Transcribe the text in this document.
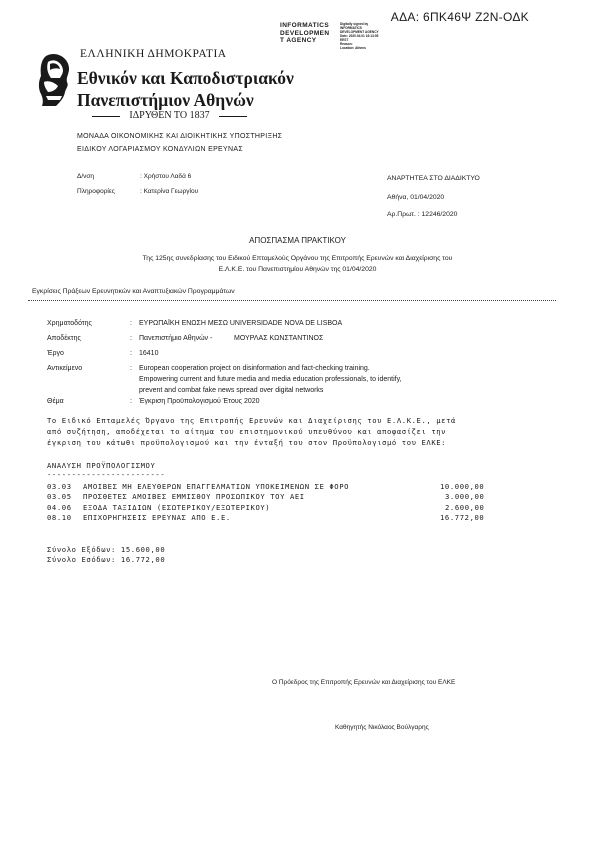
ΑΔΑ: 6ΠΚ46Ψ Ζ2Ν-ΟΔΚ
INFORMATICS
DEVELOPMEN
T AGENCY
Digitally signed by
INFORMATICS
DEVELOPMENT AGENCY
Date: 2020.04.01 16:13:05
EEST
Reason:
Location: Athens
ΕΛΛΗΝΙΚΗ ΔΗΜΟΚΡΑΤΙΑ
Εθνικόν και Καποδιστριακόν
Πανεπιστήμιον Αθηνών
ΙΔΡΥΘΕΝ ΤΟ 1837
ΜΟΝΑΔΑ ΟΙΚΟΝΟΜΙΚΗΣ ΚΑΙ ΔΙΟΙΚΗΤΙΚΗΣ ΥΠΟΣΤΗΡΙΞΗΣ
ΕΙΔΙΚΟΥ ΛΟΓΑΡΙΑΣΜΟΥ ΚΟΝΔΥΛΙΩΝ ΕΡΕΥΝΑΣ
Δ/νση	: Χρήστου Λαδά 6
Πληροφορίες	: Κατερίνα Γεωργίου
ΑΝΑΡΤΗΤΕΑ ΣΤΟ ΔΙΑΔΙΚΤΥΟ
Αθήνα, 01/04/2020
Αρ.Πρωτ. : 12246/2020
ΑΠΟΣΠΑΣΜΑ ΠΡΑΚΤΙΚΟΥ
Της 125ης συνεδρίασης του Ειδικού Επταμελούς Οργάνου της Επιτροπής Ερευνών και Διαχείρισης του
Ε.Λ.Κ.Ε. του Πανεπιστημίου Αθηνών της 01/04/2020
Εγκρίσεις Πράξεων Ερευνητικών και Αναπτυξιακών Προγραμμάτων
Χρηματοδότης	: ΕΥΡΩΠΑΪΚΗ ΕΝΩΣΗ ΜΕΣΩ UNIVERSIDADE NOVA DE LISBOA
Αποδέκτης	: Πανεπιστήμιο Αθηνών -	ΜΟΥΡΛΑΣ ΚΩΝΣΤΑΝΤΙΝΟΣ
Έργο	: 16410
Αντικείμενο	: European cooperation project on disinformation and fact-checking training.
Empowering current and future media and media education professionals, to identify,
prevent and combat fake news spread over digital networks
Θέμα	: Έγκριση Προϋπολογισμού Έτους 2020
Το Ειδικό Επταμελές Όργανο της Επιτροπής Ερευνών και Διαχείρισης του Ε.Λ.Κ.Ε., μετά
από συζήτηση, αποδέχεται το αίτημα του επιστημονικού υπευθύνου και αποφασίζει την
έγκριση του κάτωθι προϋπολογισμού και την ένταξή του στον Προϋπολογισμό του ΕΛΚΕ:
ΑΝΑΛΥΣΗ ΠΡΟΫΠΟΛΟΓΙΣΜΟΥ
------------------------
03.03 ΑΜΟΙΒΕΣ ΜΗ ΕΛΕΥΘΕΡΩΝ ΕΠΑΓΓΕΛΜΑΤΙΩΝ ΥΠΟΚΕΙΜΕΝΩΝ ΣΕ ΦΟΡΟ	10.000,00
03.05 ΠΡΟΣΘΕΤΕΣ ΑΜΟΙΒΕΣ ΕΜΜΙΣΘΟΥ ΠΡΟΣΩΠΙΚΟΥ ΤΟΥ ΑΕΙ	3.000,00
04.06 ΕΞΟΔΑ ΤΑΞΙΔΙΩΝ (ΕΣΩΤΕΡΙΚΟΥ/ΕΞΩΤΕΡΙΚΟΥ)	2.600,00
08.10 ΕΠΙΧΟΡΗΓΗΣΕΙΣ ΕΡΕΥΝΑΣ ΑΠΟ Ε.Ε.	16.772,00
Σύνολο Εξόδων: 15.600,00
Σύνολο Εσόδων: 16.772,00
Ο Πρόεδρος της Επιτροπής Ερευνών και Διαχείρισης του ΕΛΚΕ
Καθηγητής Νικόλαος Βούλγαρης
